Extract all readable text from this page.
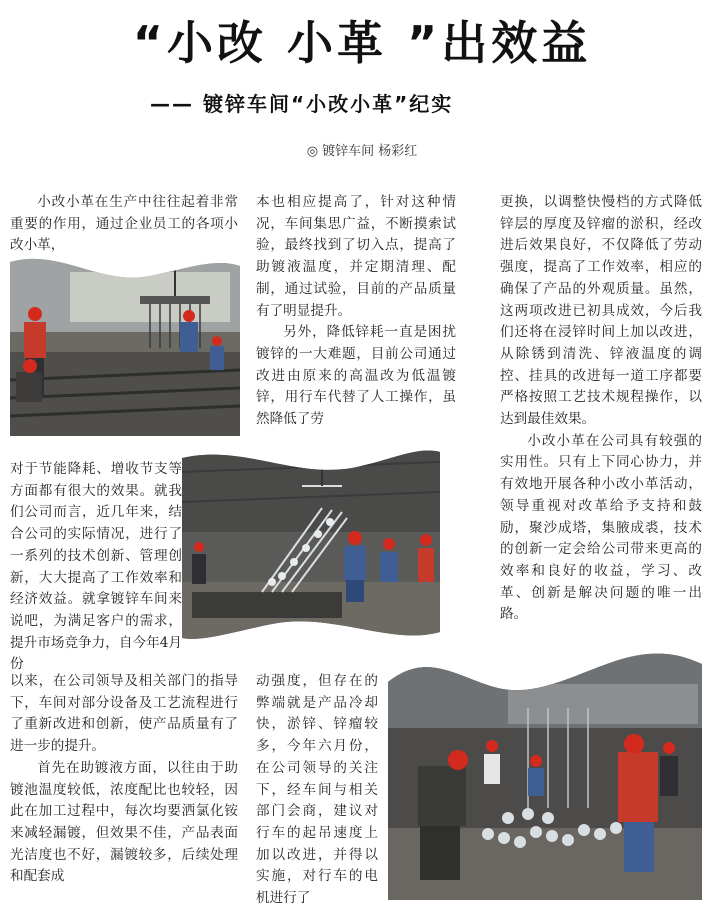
“小改 小革 ”出效益
—— 镀锌车间“小改小革”纪实
◎ 镀锌车间 杨彩红

小改小革在生产中往往起着非常重要的作用，通过企业员工的各项小改小革，

对于节能降耗、增收节支等方面都有很大的效果。就我们公司而言，近几年来，结合公司的实际情况，进行了一系列的技术创新、管理创新，大大提高了工作效率和经济效益。就拿镀锌车间来说吧，为满足客户的需求，提升市场竞争力，自今年4月份

以来，在公司领导及相关部门的指导下，车间对部分设备及工艺流程进行了重新改进和创新，使产品质量有了进一步的提升。

首先在助镀液方面，以往由于助镀池温度较低，浓度配比也较轻，因此在加工过程中，每次均要洒氯化铵来减轻漏镀，但效果不佳，产品表面光洁度也不好，漏镀较多，后续处理和配套成

本也相应提高了，针对这种情况，车间集思广益，不断摸索试验，最终找到了切入点，提高了助镀液温度，并定期清理、配制，通过试验，目前的产品质量有了明显提升。

另外，降低锌耗一直是困扰镀锌的一大难题，目前公司通过改进由原来的高温改为低温镀锌，用行车代替了人工操作，虽然降低了劳

动强度，但存在的弊端就是产品冷却快，淤锌、锌瘤较多，今年六月份，在公司领导的关注下，经车间与相关部门会商，建议对行车的起吊速度上加以改进，并得以实施，对行车的电机进行了

更换，以调整快慢档的方式降低锌层的厚度及锌瘤的淤积，经改进后效果良好，不仅降低了劳动强度，提高了工作效率，相应的确保了产品的外观质量。虽然，这两项改进已初具成效，今后我们还将在浸锌时间上加以改进，从除锈到清洗、锌液温度的调控、挂具的改进每一道工序都要严格按照工艺技术规程操作，以达到最佳效果。

小改小革在公司具有较强的实用性。只有上下同心协力，并有效地开展各种小改小革活动，领导重视对改革给予支持和鼓励，聚沙成塔，集腋成裘，技术的创新一定会给公司带来更高的效率和良好的收益，学习、改革、创新是解决问题的唯一出路。
